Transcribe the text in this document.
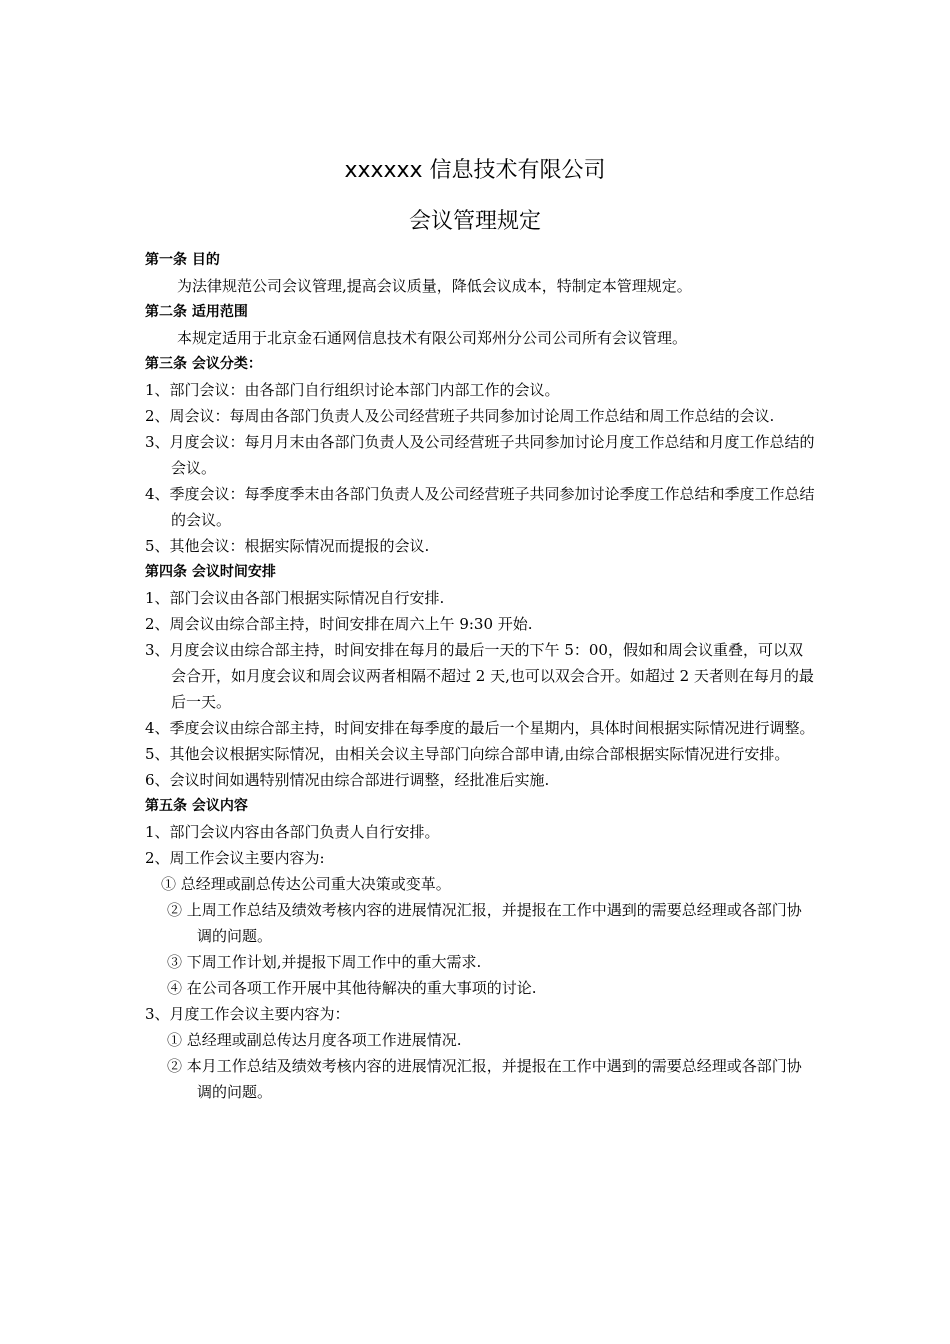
xxxxxx 信息技术有限公司
会议管理规定
第一条 目的
为法律规范公司会议管理,提高会议质量，降低会议成本，特制定本管理规定。
第二条 适用范围
本规定适用于北京金石通网信息技术有限公司郑州分公司公司所有会议管理。
第三条 会议分类：
1、部门会议：由各部门自行组织讨论本部门内部工作的会议。
2、周会议：每周由各部门负责人及公司经营班子共同参加讨论周工作总结和周工作总结的会议.
3、月度会议：每月月末由各部门负责人及公司经营班子共同参加讨论月度工作总结和月度工作总结的会议。
4、季度会议：每季度季末由各部门负责人及公司经营班子共同参加讨论季度工作总结和季度工作总结的会议。
5、其他会议：根据实际情况而提报的会议.
第四条 会议时间安排
1、部门会议由各部门根据实际情况自行安排.
2、周会议由综合部主持，时间安排在周六上午 9:30 开始.
3、月度会议由综合部主持，时间安排在每月的最后一天的下午 5：00，假如和周会议重叠，可以双会合开，如月度会议和周会议两者相隔不超过 2 天,也可以双会合开。如超过 2 天者则在每月的最后一天。
4、季度会议由综合部主持，时间安排在每季度的最后一个星期内，具体时间根据实际情况进行调整。
5、其他会议根据实际情况，由相关会议主导部门向综合部申请,由综合部根据实际情况进行安排。
6、会议时间如遇特别情况由综合部进行调整，经批准后实施.
第五条 会议内容
1、部门会议内容由各部门负责人自行安排。
2、周工作会议主要内容为:
① 总经理或副总传达公司重大决策或变革。
② 上周工作总结及绩效考核内容的进展情况汇报，并提报在工作中遇到的需要总经理或各部门协调的问题。
③ 下周工作计划,并提报下周工作中的重大需求.
④ 在公司各项工作开展中其他待解决的重大事项的讨论.
3、月度工作会议主要内容为：
① 总经理或副总传达月度各项工作进展情况.
② 本月工作总结及绩效考核内容的进展情况汇报，并提报在工作中遇到的需要总经理或各部门协调的问题。
